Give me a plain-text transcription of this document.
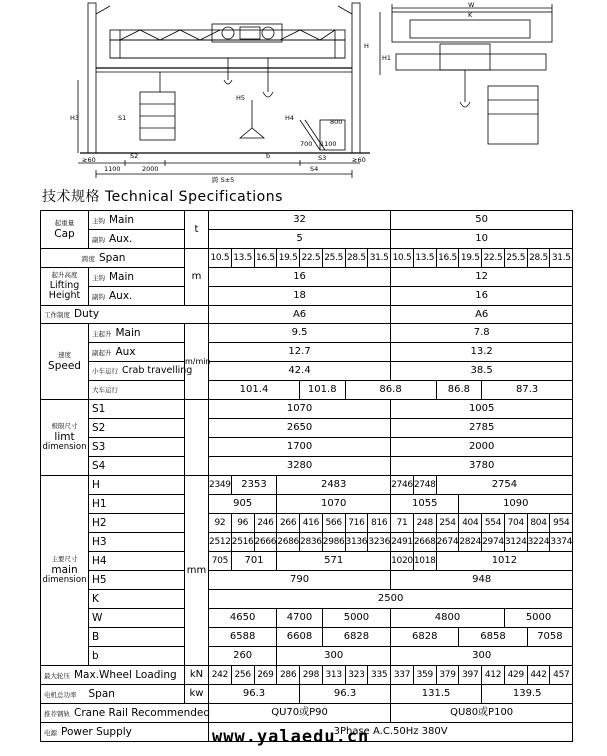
H3	S1
S2
≥60
1100	2000
H5
800
700 1100
S3
S4
≥60
H4
b
跨 S±5
W
K
H1
H
技术规格 Technical Specifications
起重量
Cap	主钩 Main	t	32								50							
	副钩 Aux.		5								10							
跨度 Span		m	10.5	13.5	16.5	19.5	22.5	25.5	28.5	31.5	10.5	13.5	16.5	19.5	22.5	25.5	28.5	31.5
起升高度
Lifting Height	主钩 Main		16								12							
	副钩 Aux.		18								16							
工作制度 Duty			A6								A6							
速度
Speed	主起升 Main	m/min	9.5								7.8							
	副起升 Aux		12.7								13.2							
	小车运行 Crab travelling		42.4								38.5							
	大车运行		101.4				101.8		86.8				86.8		87.3			
极限尺寸
limt
dimension	S1		1070								1005							
	S2		2650								2785							
	S3		1700								2000							
	S4		3280								3780							
主要尺寸
main
dimension	H	mm	2349	2353		2483					2746	2748	2754					
	H1		905			1070					1055			1090				
	H2		92	96	246	266	416	566	716	816	71	248	254	404	554	704	804	954
	H3		2512	2516	2666	2686	2836	2986	3136	3236	2491	2668	2674	2824	2974	3124	3224	3374
	H4		705	701		571					1020	1018	1012					
	H5		790								948							
	K		2500															
	W		4650			4700		5000			4800					5000		
	B		6588			6608		6828			6828			6858			7058	
	b		260			300					300							
最大轮压 Max.Wheel Loading		kN	242	256	269	286	298	313	323	335	337	359	379	397	412	429	442	457
电机总功率 Span		kw	96.3				96.3				131.5				139.5			
推荐钢轨 Crane Rail Recommended			QU70或P90								QU80或P100							
电源 Power Supply			3Phase A.C.50Hz 380V															
www.yalaedu.cn
